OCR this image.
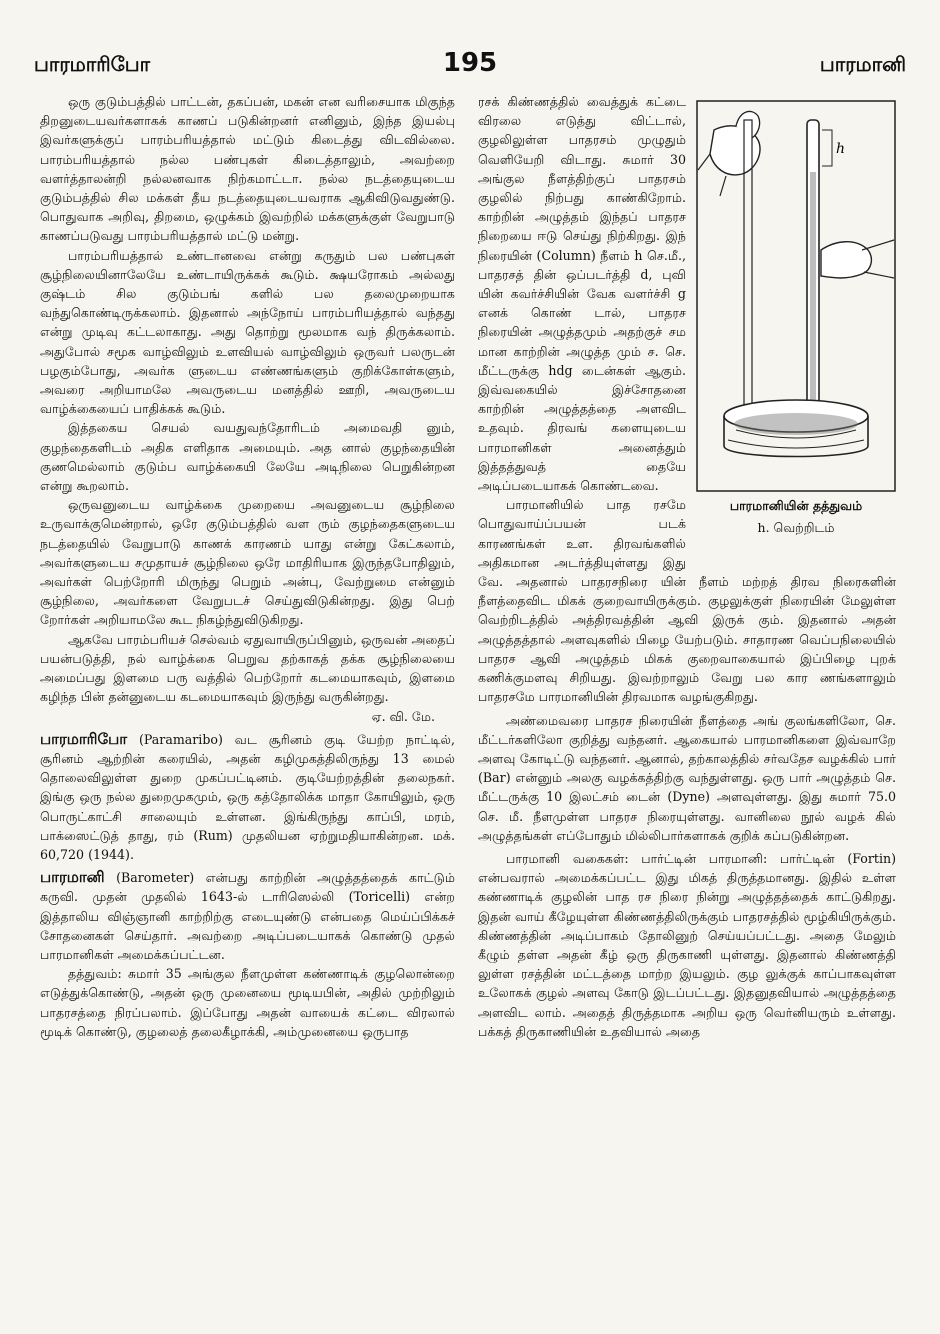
பாரமாரிபோ	195	பாரமானி

ஒரு குடும்பத்தில் பாட்டன், தகப்பன், மகன் என வரிசையாக மிகுந்த திறனுடையவர்களாகக் காணப் படுகின்றனர் எனினும், இந்த இயல்பு இவர்களுக்குப் பாரம்பரியத்தால் மட்டும் கிடைத்து விடவில்லை. பாரம்பரியத்தால் நல்ல பண்புகள் கிடைத்தாலும், அவற்றை வளர்த்தாலன்றி நல்லனவாக நிற்கமாட்டா. நல்ல நடத்தையுடைய குடும்பத்தில் சில மக்கள் தீய நடத்தையுடையவராக ஆகிவிடுவதுண்டு. பொதுவாக அறிவு, திறமை, ஒழுக்கம் இவற்றில் மக்களுக்குள் வேறுபாடு காணப்படுவது பாரம்பரியத்தால் மட்டு மன்று.

பாரம்பரியத்தால் உண்டானவை என்று கருதும் பல பண்புகள் சூழ்நிலையினாலேயே உண்டாயிருக்கக் கூடும். க்ஷயரோகம் அல்லது குஷ்டம் சில குடும்பங் களில் பல தலைமுறையாக வந்துகொண்டிருக்கலாம். இதனால் அந்நோய் பாரம்பரியத்தால் வந்தது என்று முடிவு கட்டலாகாது. அது தொற்று மூலமாக வந் திருக்கலாம். அதுபோல் சமூக வாழ்விலும் உளவியல் வாழ்விலும் ஒருவர் பலருடன் பழகும்போது, அவர்க ளுடைய எண்ணங்களும் குறிக்கோள்களும், அவரை அறியாமலே அவருடைய மனத்தில் ஊறி, அவருடைய வாழ்க்கையைப் பாதிக்கக் கூடும்.

இத்தகைய செயல் வயதுவந்தோரிடம் அமைவதி னும், குழந்தைகளிடம் அதிக எளிதாக அமையும். அத னால் குழந்தையின் குணமெல்லாம் குடும்ப வாழ்க்கையி லேயே அடிநிலை பெறுகின்றன என்று கூறலாம்.

ஒருவனுடைய வாழ்க்கை முறையை அவனுடைய சூழ்நிலை உருவாக்குமென்றால், ஒரே குடும்பத்தில் வள ரும் குழந்தைகளுடைய நடத்தையில் வேறுபாடு காணக் காரணம் யாது என்று கேட்கலாம், அவர்களுடைய சமுதாயச் சூழ்நிலை ஒரே மாதிரியாக இருந்தபோதிலும், அவர்கள் பெற்றோரி மிருந்து பெறும் அன்பு, வேற்றுமை என்னும் சூழ்நிலை, அவர்களை வேறுபடச் செய்துவிடுகின்றது. இது பெற் றோர்கள் அறியாமலே கூட நிகழ்ந்துவிடுகிறது.

ஆகவே பாரம்பரியச் செல்வம் ஏதுவாயிருப்பினும், ஒருவன் அதைப் பயன்படுத்தி, நல் வாழ்க்கை பெறுவ தற்காகத் தக்க சூழ்நிலையை அமைப்பது இளமை பரு வத்தில் பெற்றோர் கடமையாகவும், இளமை கழிந்த பின் தன்னுடைய கடமையாகவும் இருந்து வருகின்றது.

ஏ. வி. மே.

பாரமாரிபோ (Paramaribo) வட சூரினம் குடி யேற்ற நாட்டில், சூரினம் ஆற்றின் கரையில், அதன் கழிமுகத்திலிருந்து 13 மைல் தொலைவிலுள்ள துறை முகப்பட்டினம். குடியேற்றத்தின் தலைநகர். இங்கு ஒரு நல்ல துறைமுகமும், ஒரு கத்தோலிக்க மாதா கோயிலும், ஒரு பொருட்காட்சி சாலையும் உள்ளன. இங்கிருந்து காப்பி, மரம், பாக்ஸைட்டுத் தாது, ரம் (Rum) முதலியன ஏற்றுமதியாகின்றன. மக். 60,720 (1944).

பாரமானி (Barometer) என்பது காற்றின் அழுத்தத்தைக் காட்டும் கருவி. முதன் முதலில் 1643-ல் டாரிஸெல்லி (Toricelli) என்ற இத்தாலிய விஞ்ஞானி காற்றிற்கு எடையுண்டு என்பதை மெய்ப்பிக்கச் சோதனைகள் செய்தார். அவற்றை அடிப்படையாகக் கொண்டு முதல் பாரமானிகள் அமைக்கப்பட்டன.

தத்துவம்: சுமார் 35 அங்குல நீளமுள்ள கண்ணாடிக் குழலொன்றை எடுத்துக்கொண்டு, அதன் ஒரு முனையை மூடியபின், அதில் முற்றிலும் பாதரசத்தை நிரப்பலாம். இப்போது அதன் வாயைக் கட்டை விரலால் மூடிக் கொண்டு, குழலைத் தலைகீழாக்கி, அம்முனையை ஒருபாத

h
பாரமானியின் தத்துவம்
h. வெற்றிடம்

ரசக் கிண்ணத்தில் வைத்துக் கட்டை விரலை எடுத்து விட்டால், குழலிலுள்ள பாதரசம் முழுதும் வெளியேறி விடாது. சுமார் 30 அங்குல நீளத்திற்குப் பாதரசம் குழலில் நிற்பது காண்கிறோம். காற்றின் அழுத்தம் இந்தப் பாதரச நிறையை ஈடு செய்து நிற்கிறது. இந் நிரையின் (Column) நீளம் h செ.மீ., பாதரசத் தின் ஒப்படர்த்தி d, புவி யின் கவர்ச்சியின் வேக வளர்ச்சி g எனக் கொண் டால், பாதரச நிரையின் அழுத்தமும் அதற்குச் சம மான காற்றின் அழுத்த மும் ச. செ. மீட்டருக்கு hdg டைன்கள் ஆகும். இவ்வகையில் இச்சோதனை காற்றின் அழுத்தத்தை அளவிட உதவும். திரவங் களையுடைய பாரமானிகள் அனைத்தும் இத்தத்துவத் தையே அடிப்படையாகக் கொண்டவை.

பாரமானியில் பாத ரசமே பொதுவாய்ப்பயன் படக் காரணங்கள் உள. திரவங்களில் அதிகமான அடர்த்தியுள்ளது இது வே. அதனால் பாதரசநிரை யின் நீளம் மற்றத் திரவ நிரைகளின் நீளத்தைவிட மிகக் குறைவாயிருக்கும். குழலுக்குள் நிரையின் மேலுள்ள வெற்றிடத்தில் அத்திரவத்தின் ஆவி இருக் கும். இதனால் அதன் அழுத்தத்தால் அளவுகளில் பிழை யேற்படும். சாதாரண வெப்பநிலையில் பாதரச ஆவி அழுத்தம் மிகக் குறைவாகையால் இப்பிழை புறக் கணிக்குமளவு சிறியது. இவற்றாலும் வேறு பல கார ணங்களாலும் பாதரசமே பாரமானியின் திரவமாக வழங்குகிறது.

அண்மைவரை பாதரச நிரையின் நீளத்தை அங் குலங்களிலோ, செ. மீட்டர்களிலோ குறித்து வந்தனர். ஆகையால் பாரமானிகளை இவ்வாறே அளவு கோடிட்டு வந்தனர். ஆனால், தற்காலத்தில் சர்வதேச வழக்கில் பார் (Bar) என்னும் அலகு வழக்கத்திற்கு வந்துள்ளது. ஒரு பார் அழுத்தம் செ. மீட்டருக்கு 10 இலட்சம் டைன் (Dyne) அளவுள்ளது. இது சுமார் 75.0 செ. மீ. நீளமுள்ள பாதரச நிரையுள்ளது. வானிலை நூல் வழக் கில் அழுத்தங்கள் எப்போதும் மில்லிபார்களாகக் குறிக் கப்படுகின்றன.

பாரமானி வகைகள்: பார்ட்டின் பாரமானி: பார்ட்டின் (Fortin) என்பவரால் அமைக்கப்பட்ட இது மிகத் திருத்தமானது. இதில் உள்ள கண்ணாடிக் குழலின் பாத ரச நிரை நின்று அழுத்தத்தைக் காட்டுகிறது. இதன் வாய் கீழேயுள்ள கிண்ணத்திலிருக்கும் பாதரசத்தில் மூழ்கியிருக்கும். கிண்ணத்தின் அடிப்பாகம் தோலினுற் செய்யப்பட்டது. அதை மேலும் கீழும் தள்ள அதன் கீழ் ஒரு திருகாணி யுள்ளது. இதனால் கிண்ணத்தி லுள்ள ரசத்தின் மட்டத்தை மாற்ற இயலும். குழ லுக்குக் காப்பாகவுள்ள உலோகக் குழல் அளவு கோடு இடப்பட்டது. இதனுதவியால் அழுத்தத்தை அளவிட லாம். அதைத் திருத்தமாக அறிய ஒரு வெர்னியரும் உள்ளது. பக்கத் திருகாணியின் உதவியால் அதை
